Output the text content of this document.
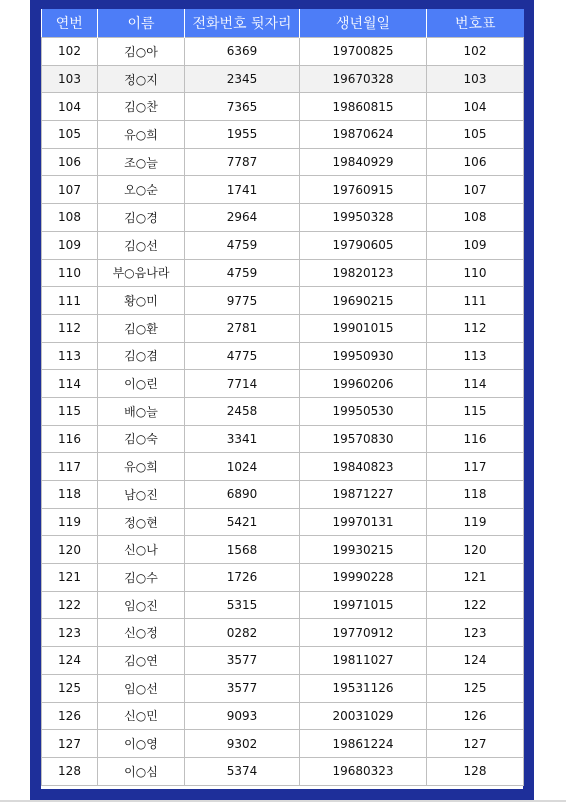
연번	이름	전화번호 뒷자리	생년월일	번호표
102	김○아	6369	19700825	102
103	정○지	2345	19670328	103
104	김○찬	7365	19860815	104
105	유○희	1955	19870624	105
106	조○늘	7787	19840929	106
107	오○순	1741	19760915	107
108	김○경	2964	19950328	108
109	김○선	4759	19790605	109
110	부○음나라	4759	19820123	110
111	황○미	9775	19690215	111
112	김○환	2781	19901015	112
113	김○겸	4775	19950930	113
114	이○린	7714	19960206	114
115	배○늘	2458	19950530	115
116	김○숙	3341	19570830	116
117	유○희	1024	19840823	117
118	남○진	6890	19871227	118
119	정○현	5421	19970131	119
120	신○나	1568	19930215	120
121	김○수	1726	19990228	121
122	임○진	5315	19971015	122
123	신○정	0282	19770912	123
124	김○연	3577	19811027	124
125	임○선	3577	19531126	125
126	신○민	9093	20031029	126
127	이○영	9302	19861224	127
128	이○심	5374	19680323	128
